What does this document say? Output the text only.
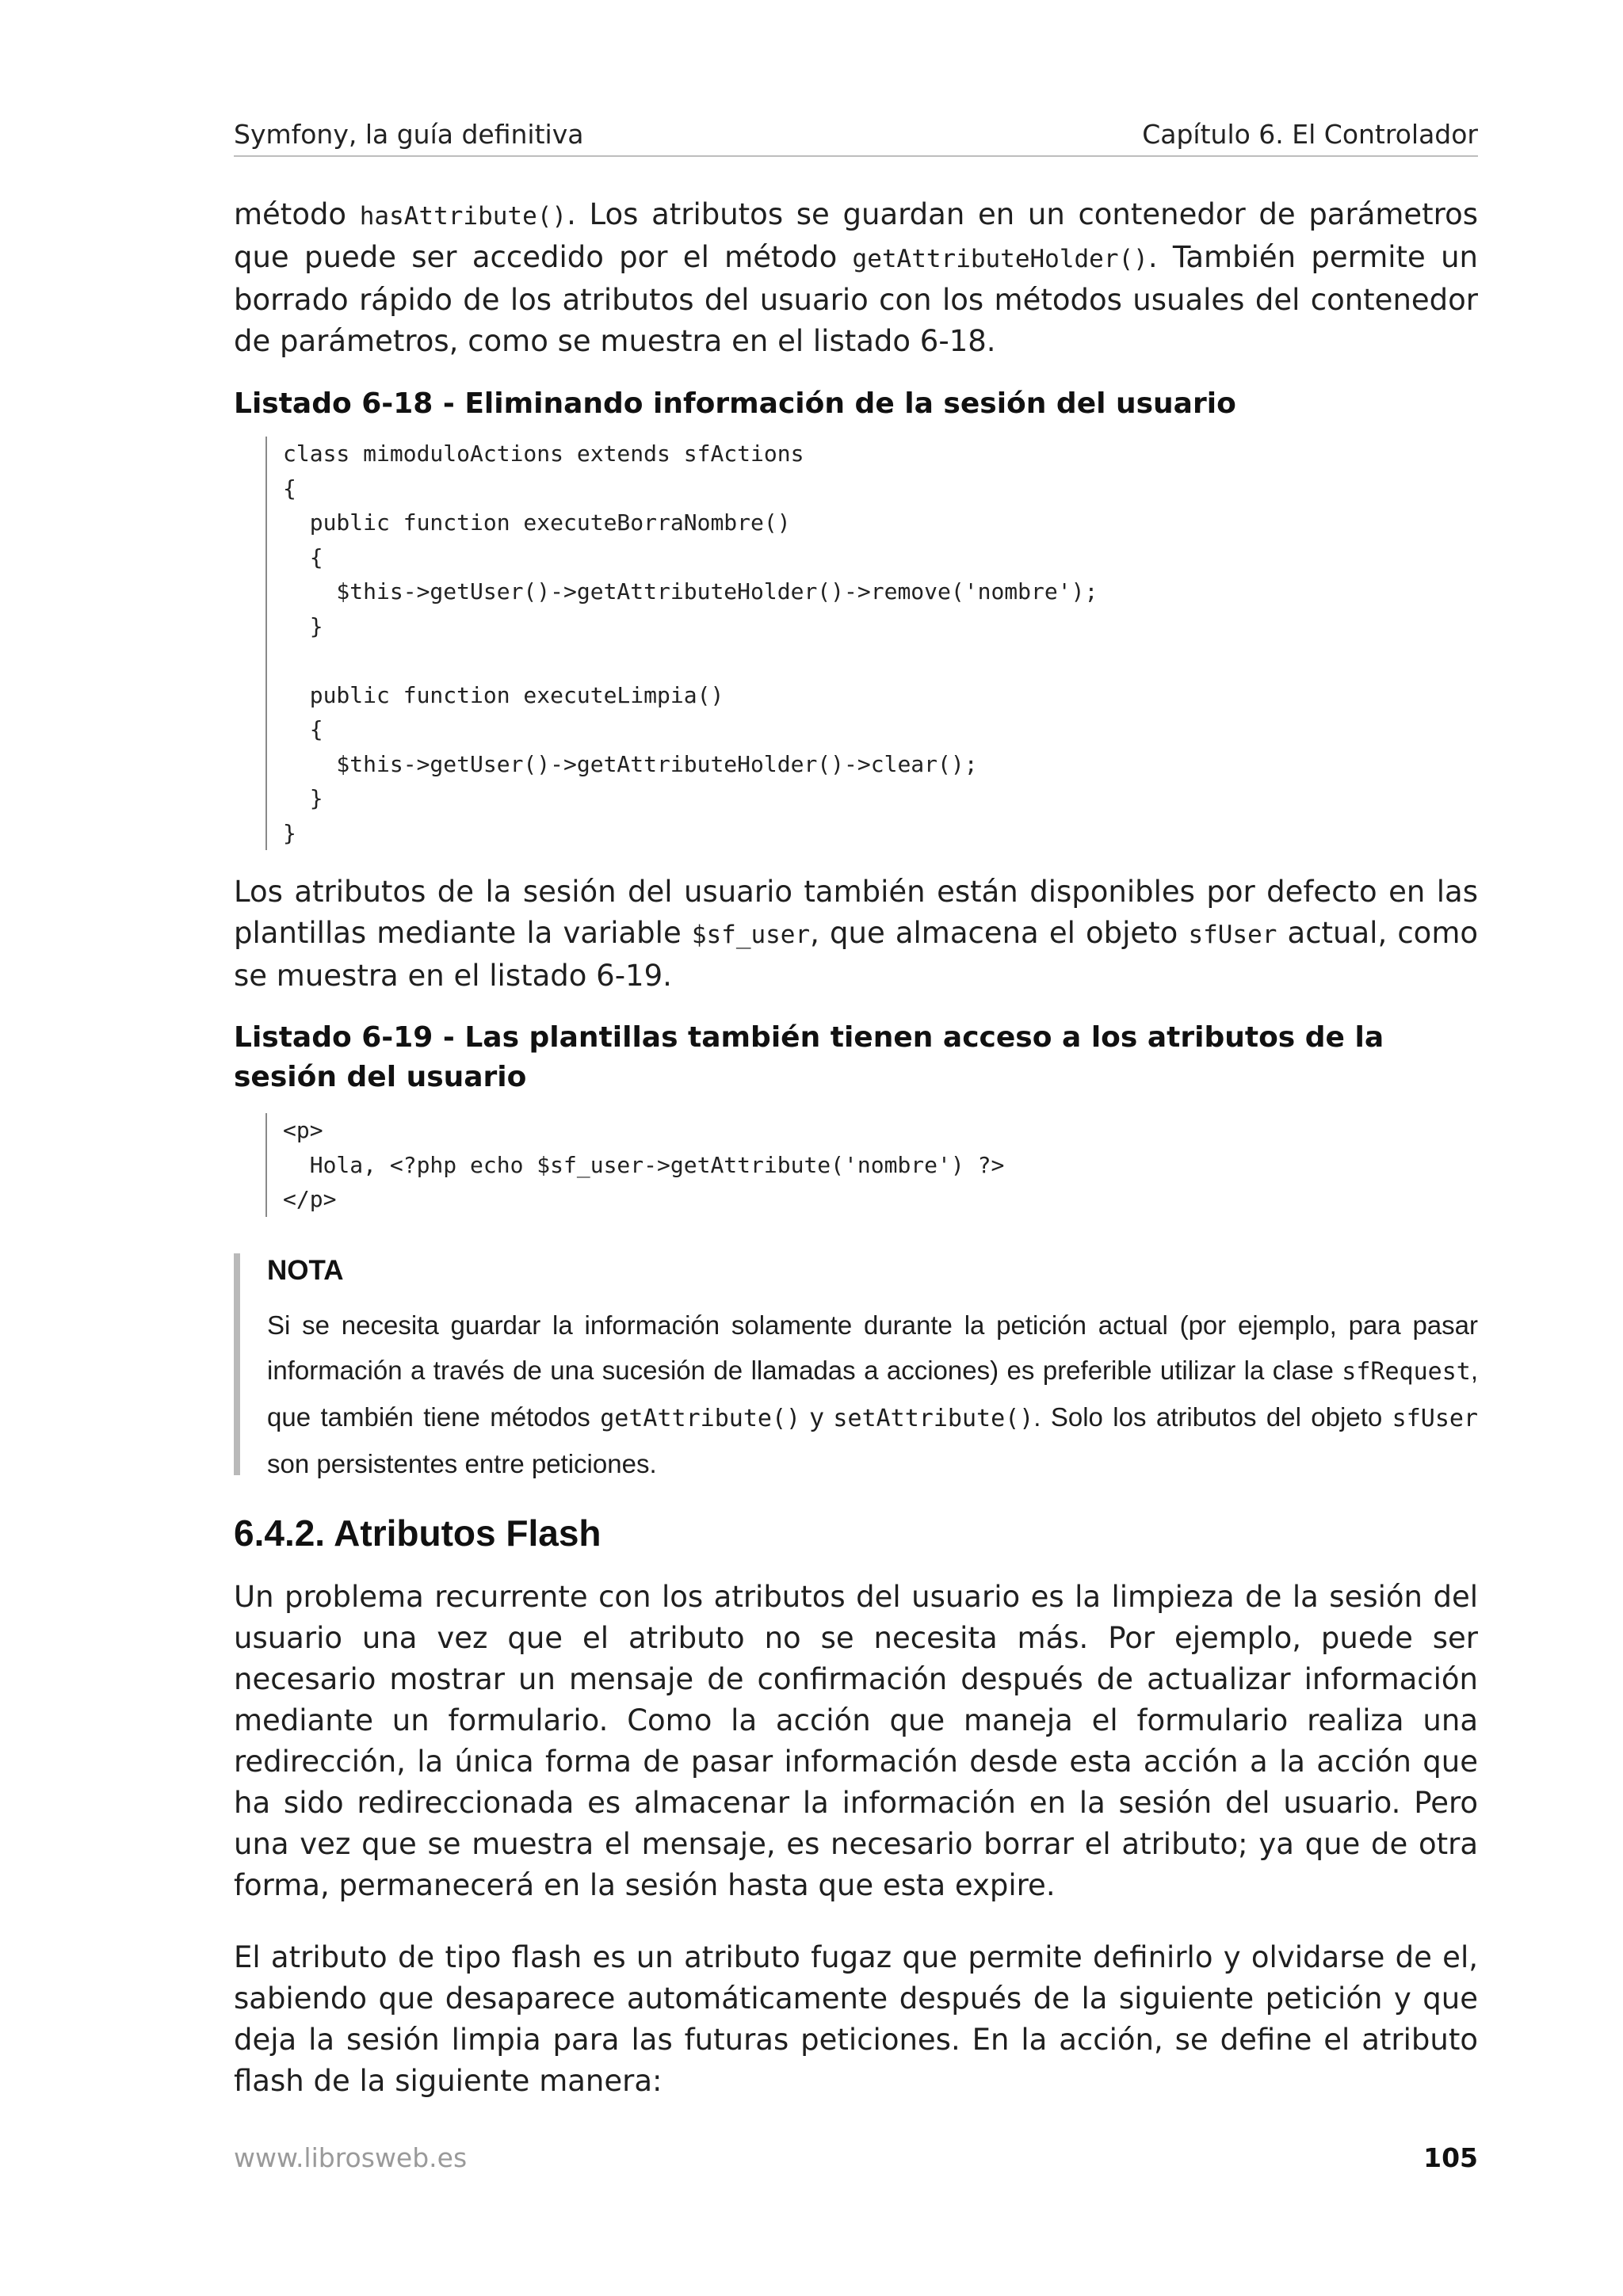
Symfony, la guía definitiva	Capítulo 6. El Controlador

método hasAttribute(). Los atributos se guardan en un contenedor de parámetros que puede ser accedido por el método getAttributeHolder(). También permite un borrado rápido de los atributos del usuario con los métodos usuales del contenedor de parámetros, como se muestra en el listado 6-18.

Listado 6-18 - Eliminando información de la sesión del usuario

class mimoduloActions extends sfActions
{
public function executeBorraNombre()
{
$this->getUser()->getAttributeHolder()->remove('nombre');
}

public function executeLimpia()
{
$this->getUser()->getAttributeHolder()->clear();
}
}

Los atributos de la sesión del usuario también están disponibles por defecto en las plantillas mediante la variable $sf_user, que almacena el objeto sfUser actual, como se muestra en el listado 6-19.

Listado 6-19 - Las plantillas también tienen acceso a los atributos de la sesión del usuario

<p>
Hola, <?php echo $sf_user->getAttribute('nombre') ?>
</p>
NOTA

Si se necesita guardar la información solamente durante la petición actual (por ejemplo, para pasar información a través de una sucesión de llamadas a acciones) es preferible utilizar la clase sfRequest, que también tiene métodos getAttribute() y setAttribute(). Solo los atributos del objeto sfUser son persistentes entre peticiones.

6.4.2. Atributos Flash

Un problema recurrente con los atributos del usuario es la limpieza de la sesión del usuario una vez que el atributo no se necesita más. Por ejemplo, puede ser necesario mostrar un mensaje de confirmación después de actualizar información mediante un formulario. Como la acción que maneja el formulario realiza una redirección, la única forma de pasar información desde esta acción a la acción que ha sido redireccionada es almacenar la información en la sesión del usuario. Pero una vez que se muestra el mensaje, es necesario borrar el atributo; ya que de otra forma, permanecerá en la sesión hasta que esta expire.

El atributo de tipo flash es un atributo fugaz que permite definirlo y olvidarse de el, sabiendo que desaparece automáticamente después de la siguiente petición y que deja la sesión limpia para las futuras peticiones. En la acción, se define el atributo flash de la siguiente manera:

www.librosweb.es	105
